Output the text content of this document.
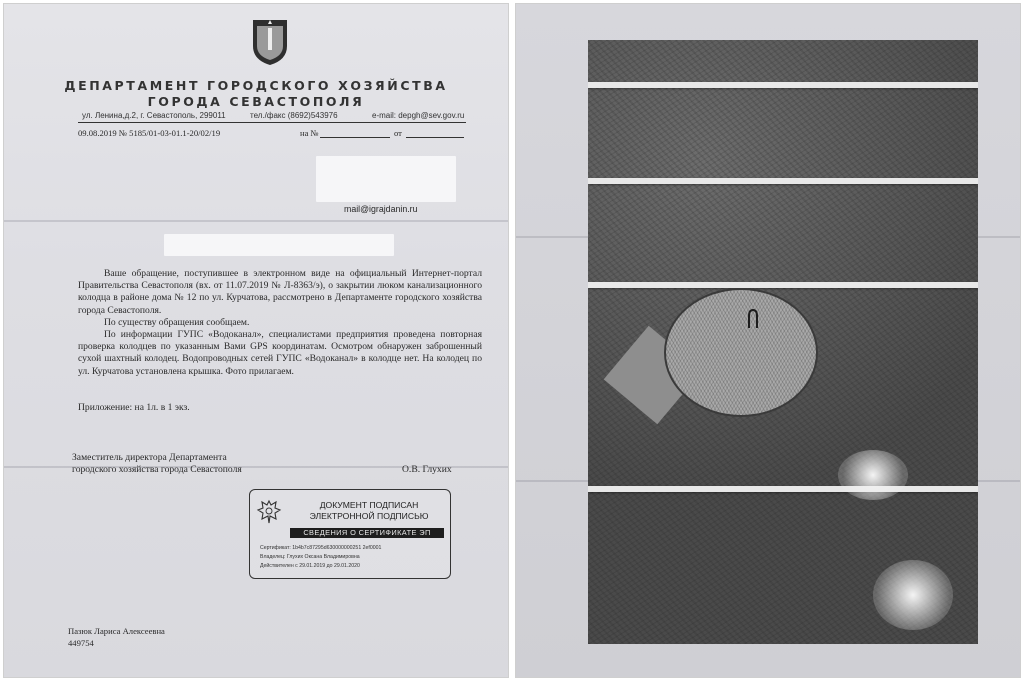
ДЕПАРТАМЕНТ ГОРОДСКОГО ХОЗЯЙСТВА
ГОРОДА СЕВАСТОПОЛЯ
ул. Ленина,д.2, г. Севастополь, 299011	тел./факс (8692)543976	e-mail: depgh@sev.gov.ru
09.08.2019 № 5185/01-03-01.1-20/02/19	на №	от
mail@igrajdanin.ru

Ваше обращение, поступившее в электронном виде на официальный Интернет-портал Правительства Севастополя (вх. от 11.07.2019 № Л-8363/э), о закрытии люком канализационного колодца в районе дома № 12 по ул. Курчатова, рассмотрено в Департаменте городского хозяйства города Севастополя.

По существу обращения сообщаем.

По информации ГУПС «Водоканал», специалистами предприятия проведена повторная проверка колодцев по указанным Вами GPS координатам. Осмотром обнаружен заброшенный сухой шахтный колодец. Водопроводных сетей ГУПС «Водоканал» в колодце нет. На колодец по ул. Курчатова установлена крышка. Фото прилагаем.

Приложение: на 1л. в 1 экз.
Заместитель директора Департамента
городского хозяйства города Севастополя	О.В. Глухих
ДОКУМЕНТ ПОДПИСАН
ЭЛЕКТРОННОЙ ПОДПИСЬЮ
СВЕДЕНИЯ О СЕРТИФИКАТЕ ЭП
Сертификат: 1b4b7c87295d630000000251 2ef0001
Владелец: Глухих Оксана Владимировна
Действителен с 29.01.2019 до 29.01.2020
Пазюк Лариса Алексеевна
449754
